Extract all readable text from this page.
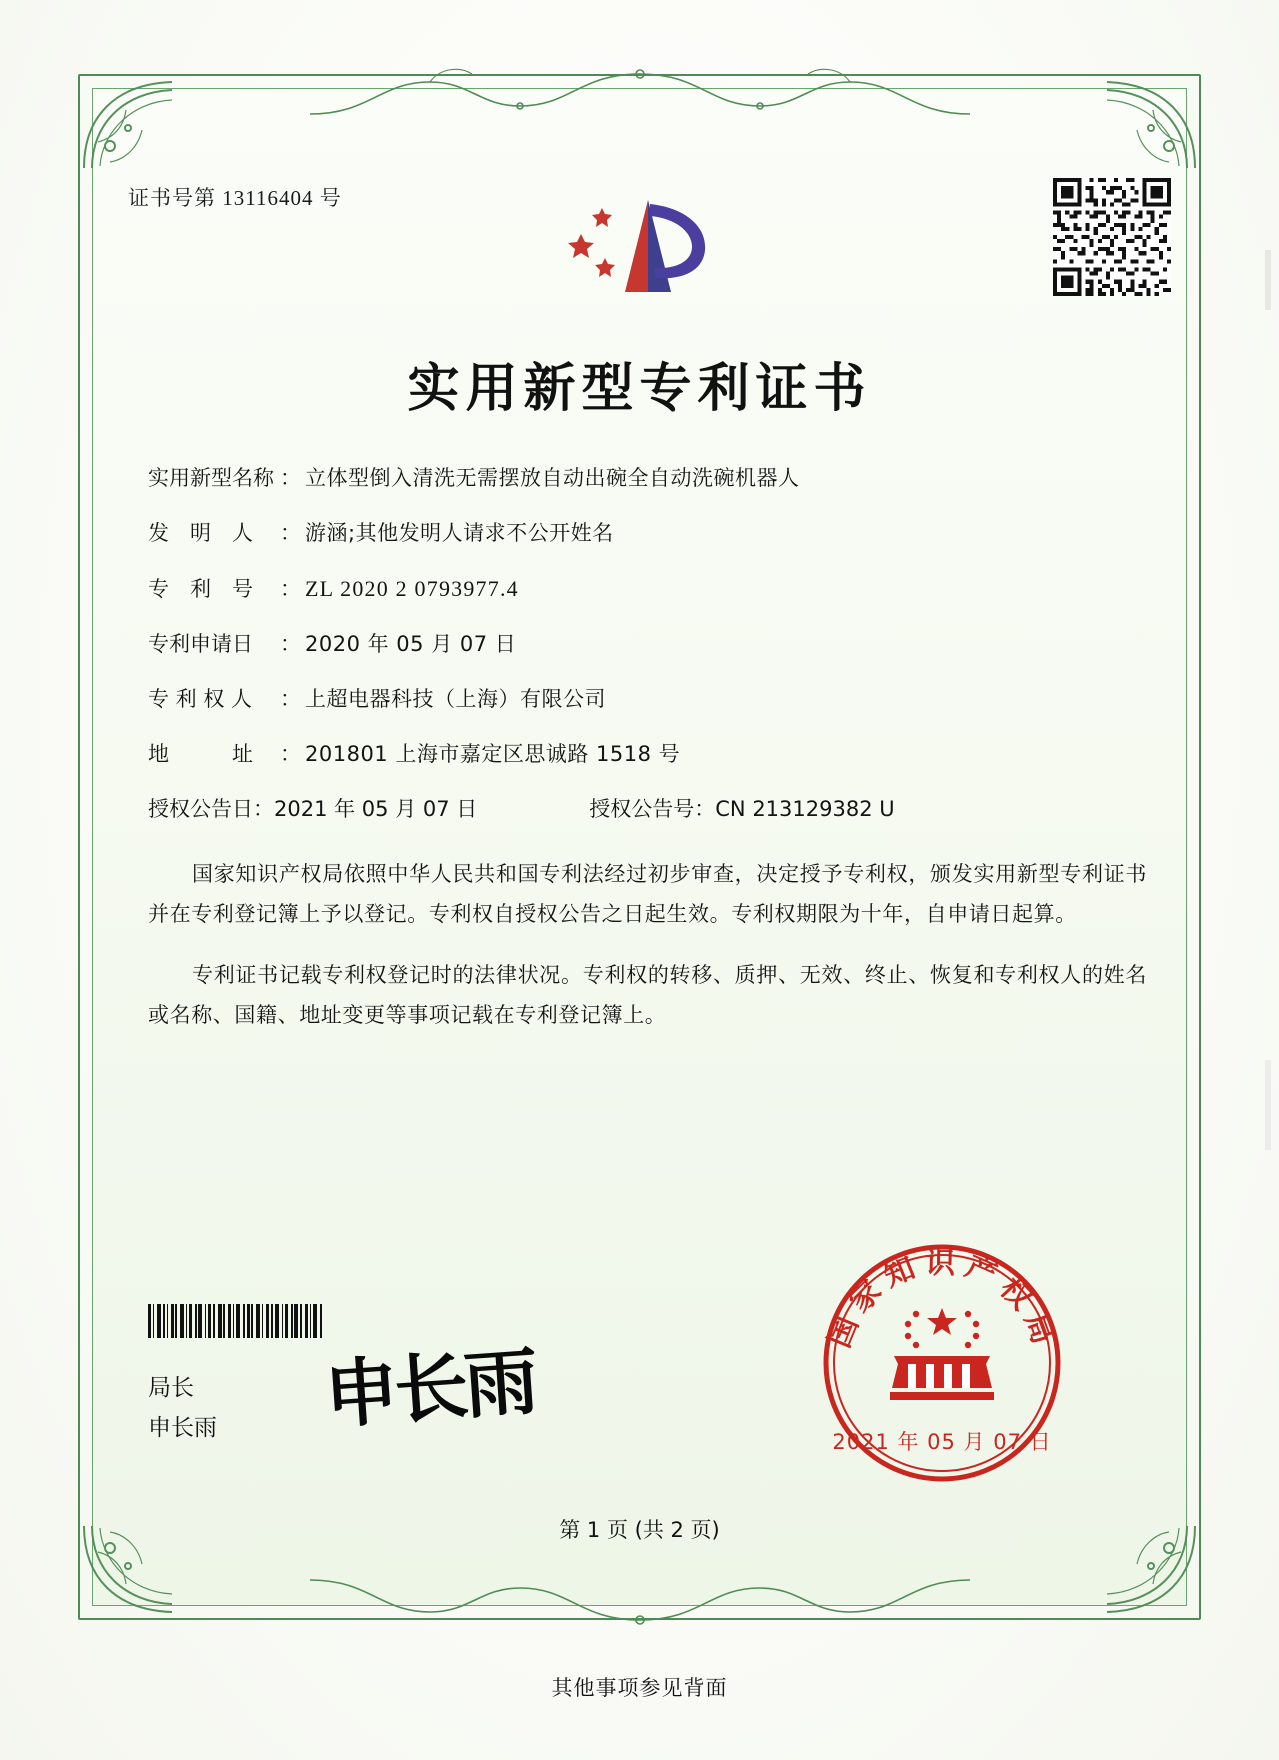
证书号第 13116404 号
实用新型专利证书
实用新型名称 ： 立体型倒入清洗无需摆放自动出碗全自动洗碗机器人
发　明　人	： 游涵;其他发明人请求不公开姓名
专　利　号	： ZL 2020 2 0793977.4
专利申请日	： 2020 年 05 月 07 日
专 利 权 人	： 上超电器科技（上海）有限公司
地　　　址	： 201801 上海市嘉定区思诚路 1518 号
授权公告日： 2021 年 05 月 07 日	授权公告号： CN 213129382 U

国家知识产权局依照中华人民共和国专利法经过初步审查，决定授予专利权，颁发实用新型专利证书并在专利登记簿上予以登记。专利权自授权公告之日起生效。专利权期限为十年，自申请日起算。

专利证书记载专利权登记时的法律状况。专利权的转移、质押、无效、终止、恢复和专利权人的姓名或名称、国籍、地址变更等事项记载在专利登记簿上。

局长
申长雨 申长雨
国家知识产权局
2021 年 05 月 07 日
第 1 页 (共 2 页)
其他事项参见背面
